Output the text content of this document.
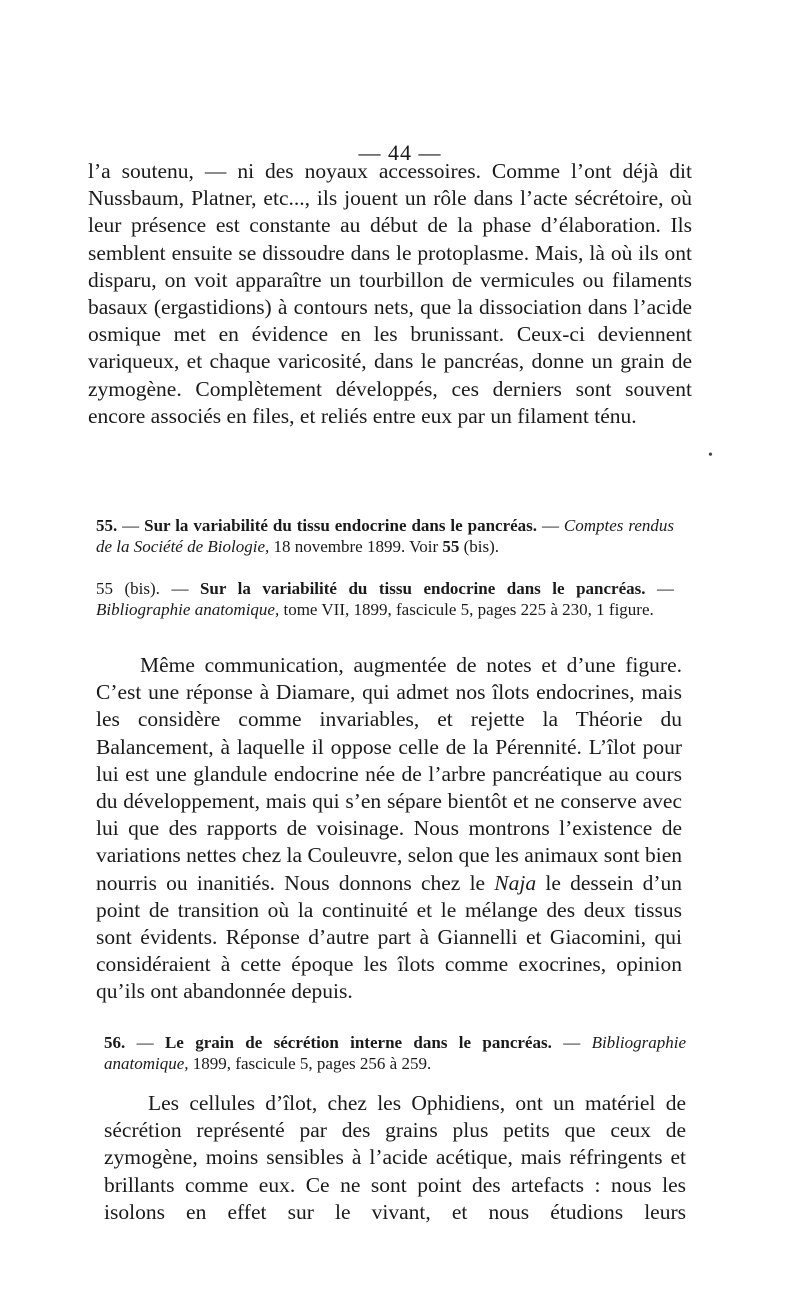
— 44 —

l’a soutenu, — ni des noyaux accessoires. Comme l’ont déjà dit Nussbaum, Platner, etc..., ils jouent un rôle dans l’acte sécrétoire, où leur présence est constante au début de la phase d’élaboration. Ils semblent ensuite se dissoudre dans le protoplasme. Mais, là où ils ont disparu, on voit apparaître un tourbillon de vermicules ou filaments basaux (ergastidions) à contours nets, que la dissociation dans l’acide osmique met en évidence en les brunissant. Ceux-ci deviennent variqueux, et chaque varicosité, dans le pancréas, donne un grain de zymogène. Complètement développés, ces derniers sont souvent encore associés en files, et reliés entre eux par un filament ténu.

•
55. — Sur la variabilité du tissu endocrine dans le pancréas. — Comptes rendus de la Société de Biologie, 18 novembre 1899. Voir 55 (bis).
55 (bis). — Sur la variabilité du tissu endocrine dans le pancréas. — Bibliographie anatomique, tome VII, 1899, fascicule 5, pages 225 à 230, 1 figure.

Même communication, augmentée de notes et d’une figure. C’est une réponse à Diamare, qui admet nos îlots endocrines, mais les considère comme invariables, et rejette la Théorie du Balancement, à laquelle il oppose celle de la Pérennité. L’îlot pour lui est une glandule endocrine née de l’arbre pancréatique au cours du développement, mais qui s’en sépare bientôt et ne conserve avec lui que des rapports de voisinage. Nous montrons l’existence de variations nettes chez la Couleuvre, selon que les animaux sont bien nourris ou inanitiés. Nous donnons chez le Naja le dessein d’un point de transition où la continuité et le mélange des deux tissus sont évidents. Réponse d’autre part à Giannelli et Giacomini, qui considéraient à cette époque les îlots comme exocrines, opinion qu’ils ont abandonnée depuis.

56. — Le grain de sécrétion interne dans le pancréas. — Bibliographie anatomique, 1899, fascicule 5, pages 256 à 259.

Les cellules d’îlot, chez les Ophidiens, ont un matériel de sécrétion représenté par des grains plus petits que ceux de zymogène, moins sensibles à l’acide acétique, mais réfringents et brillants comme eux. Ce ne sont point des artefacts : nous les isolons en effet sur le vivant, et nous étudions leurs
